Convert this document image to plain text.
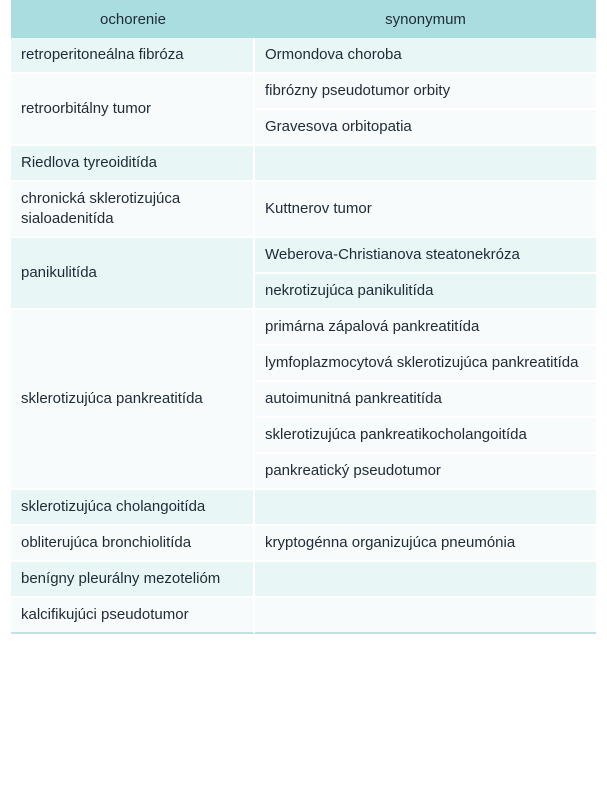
ochorenie	synonymum
retroperitoneálna fibróza	Ormondova choroba
retroorbitálny tumor	fibrózny pseudotumor orbity
	Gravesova orbitopatia
Riedlova tyreoiditída	
chronická sklerotizujúca sialoadenitída	Kuttnerov tumor
panikulitída	Weberova-Christianova steatonekróza
	nekrotizujúca panikulitída
sklerotizujúca pankreatitída	primárna zápalová pankreatitída
	lymfoplazmocytová sklerotizujúca pankreatitída
	autoimunitná pankreatitída
	sklerotizujúca pankreatikocholangoitída
	pankreatický pseudotumor
sklerotizujúca cholangoitída	
obliterujúca bronchiolitída	kryptogénna organizujúca pneumónia
benígny pleurálny mezotelióm	
kalcifikujúci pseudotumor	
